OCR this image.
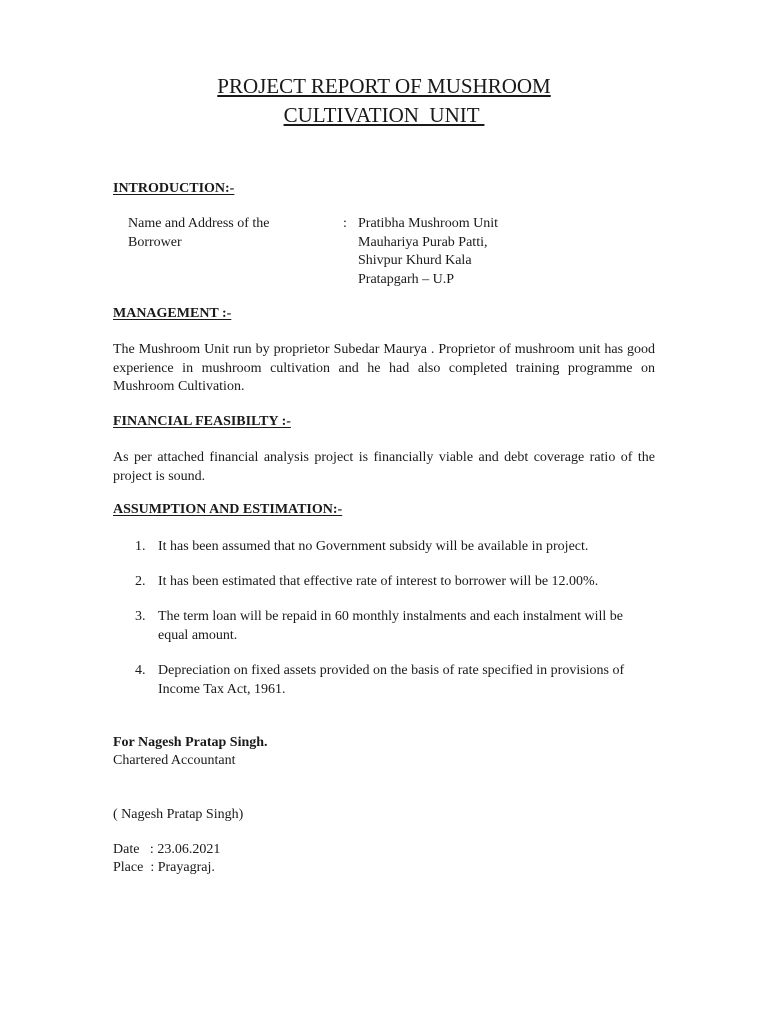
PROJECT REPORT OF MUSHROOM
CULTIVATION  UNIT
INTRODUCTION:-
Name and Address of the
Borrower
: Pratibha Mushroom Unit
Mauhariya Purab Patti,
Shivpur Khurd Kala
Pratapgarh – U.P
MANAGEMENT :-
The Mushroom Unit run by proprietor Subedar Maurya . Proprietor of mushroom unit has good experience in mushroom cultivation and he had also completed training programme on Mushroom Cultivation.
FINANCIAL FEASIBILTY :-
As per attached financial analysis project is financially viable and debt coverage ratio of the project is sound.
ASSUMPTION AND ESTIMATION:-
1. It has been assumed that no Government subsidy will be available in project.
2. It has been estimated that effective rate of interest to borrower will be 12.00%.
3. The term loan will be repaid in 60 monthly instalments and each instalment will be equal amount.
4. Depreciation on fixed assets provided on the basis of rate specified in provisions of Income Tax Act, 1961.
For Nagesh Pratap Singh.
Chartered Accountant
( Nagesh Pratap Singh)
Date   : 23.06.2021
Place  : Prayagraj.
